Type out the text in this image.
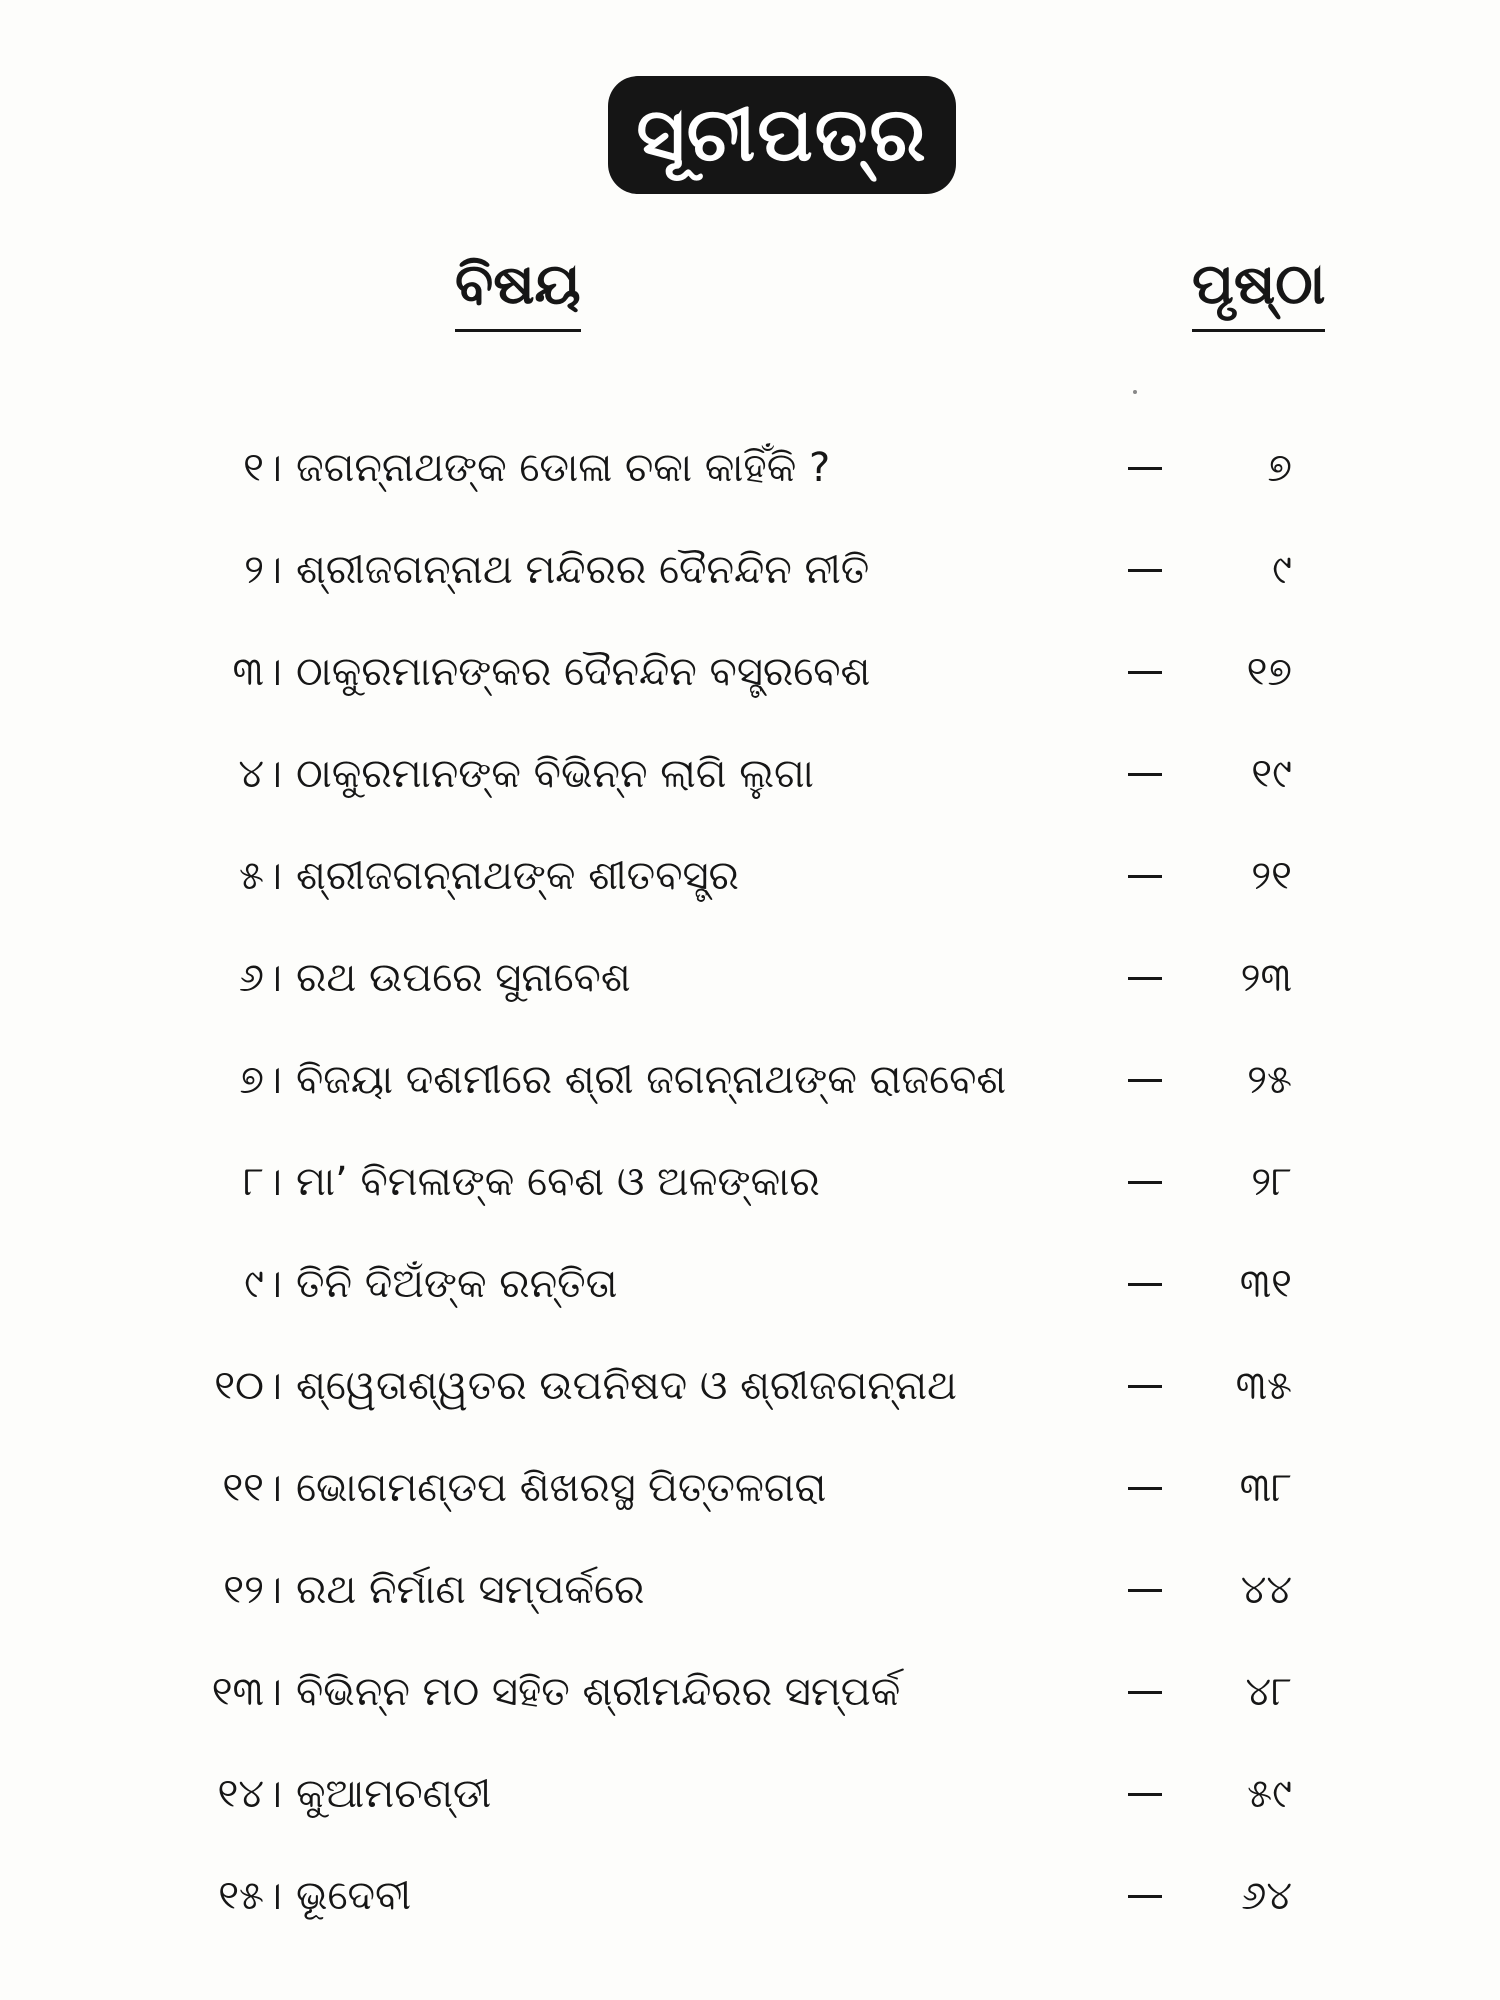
ସୂଚୀପତ୍ର
ବିଷୟ	ପୃଷ୍ଠା
୧। ଜଗନ୍ନାଥଙ୍କ ଡୋଳା ଚକା କାହିଁକି ?	୭
୨। ଶ୍ରୀଜଗନ୍ନାଥ ମନ୍ଦିରର ଦୈନନ୍ଦିନ ନୀତି	୯
୩। ଠାକୁରମାନଙ୍କର ଦୈନନ୍ଦିନ ବସ୍ତ୍ରବେଶ	୧୭
୪। ଠାକୁରମାନଙ୍କ ବିଭିନ୍ନ ଲାଗି ଲୁଗା	୧୯
୫। ଶ୍ରୀଜଗନ୍ନାଥଙ୍କ ଶୀତବସ୍ତ୍ର	୨୧
୬। ରଥ ଉପରେ ସୁନାବେଶ	୨୩
୭। ବିଜୟା ଦଶମୀରେ ଶ୍ରୀ ଜଗନ୍ନାଥଙ୍କ ରାଜବେଶ	୨୫
୮। ମା’ ବିମଳାଙ୍କ ବେଶ ଓ ଅଳଙ୍କାର	୨୮
୯। ତିନି ଦିଅଁଙ୍କ ରନ୍ତିତା	୩୧
୧୦। ଶ୍ୱେତାଶ୍ୱତର ଉପନିଷଦ ଓ ଶ୍ରୀଜଗନ୍ନାଥ	୩୫
୧୧। ଭୋଗମଣ୍ଡପ ଶିଖରସ୍ଥ ପିତ୍ତଳଗରା	୩୮
୧୨। ରଥ ନିର୍ମାଣ ସମ୍ପର୍କରେ	୪୪
୧୩। ବିଭିନ୍ନ ମଠ ସହିତ ଶ୍ରୀମନ୍ଦିରର ସମ୍ପର୍କ	୪୮
୧୪। କୁଆମଚଣ୍ଡୀ	୫୯
୧୫। ଭୂଦେବୀ	୬୪
